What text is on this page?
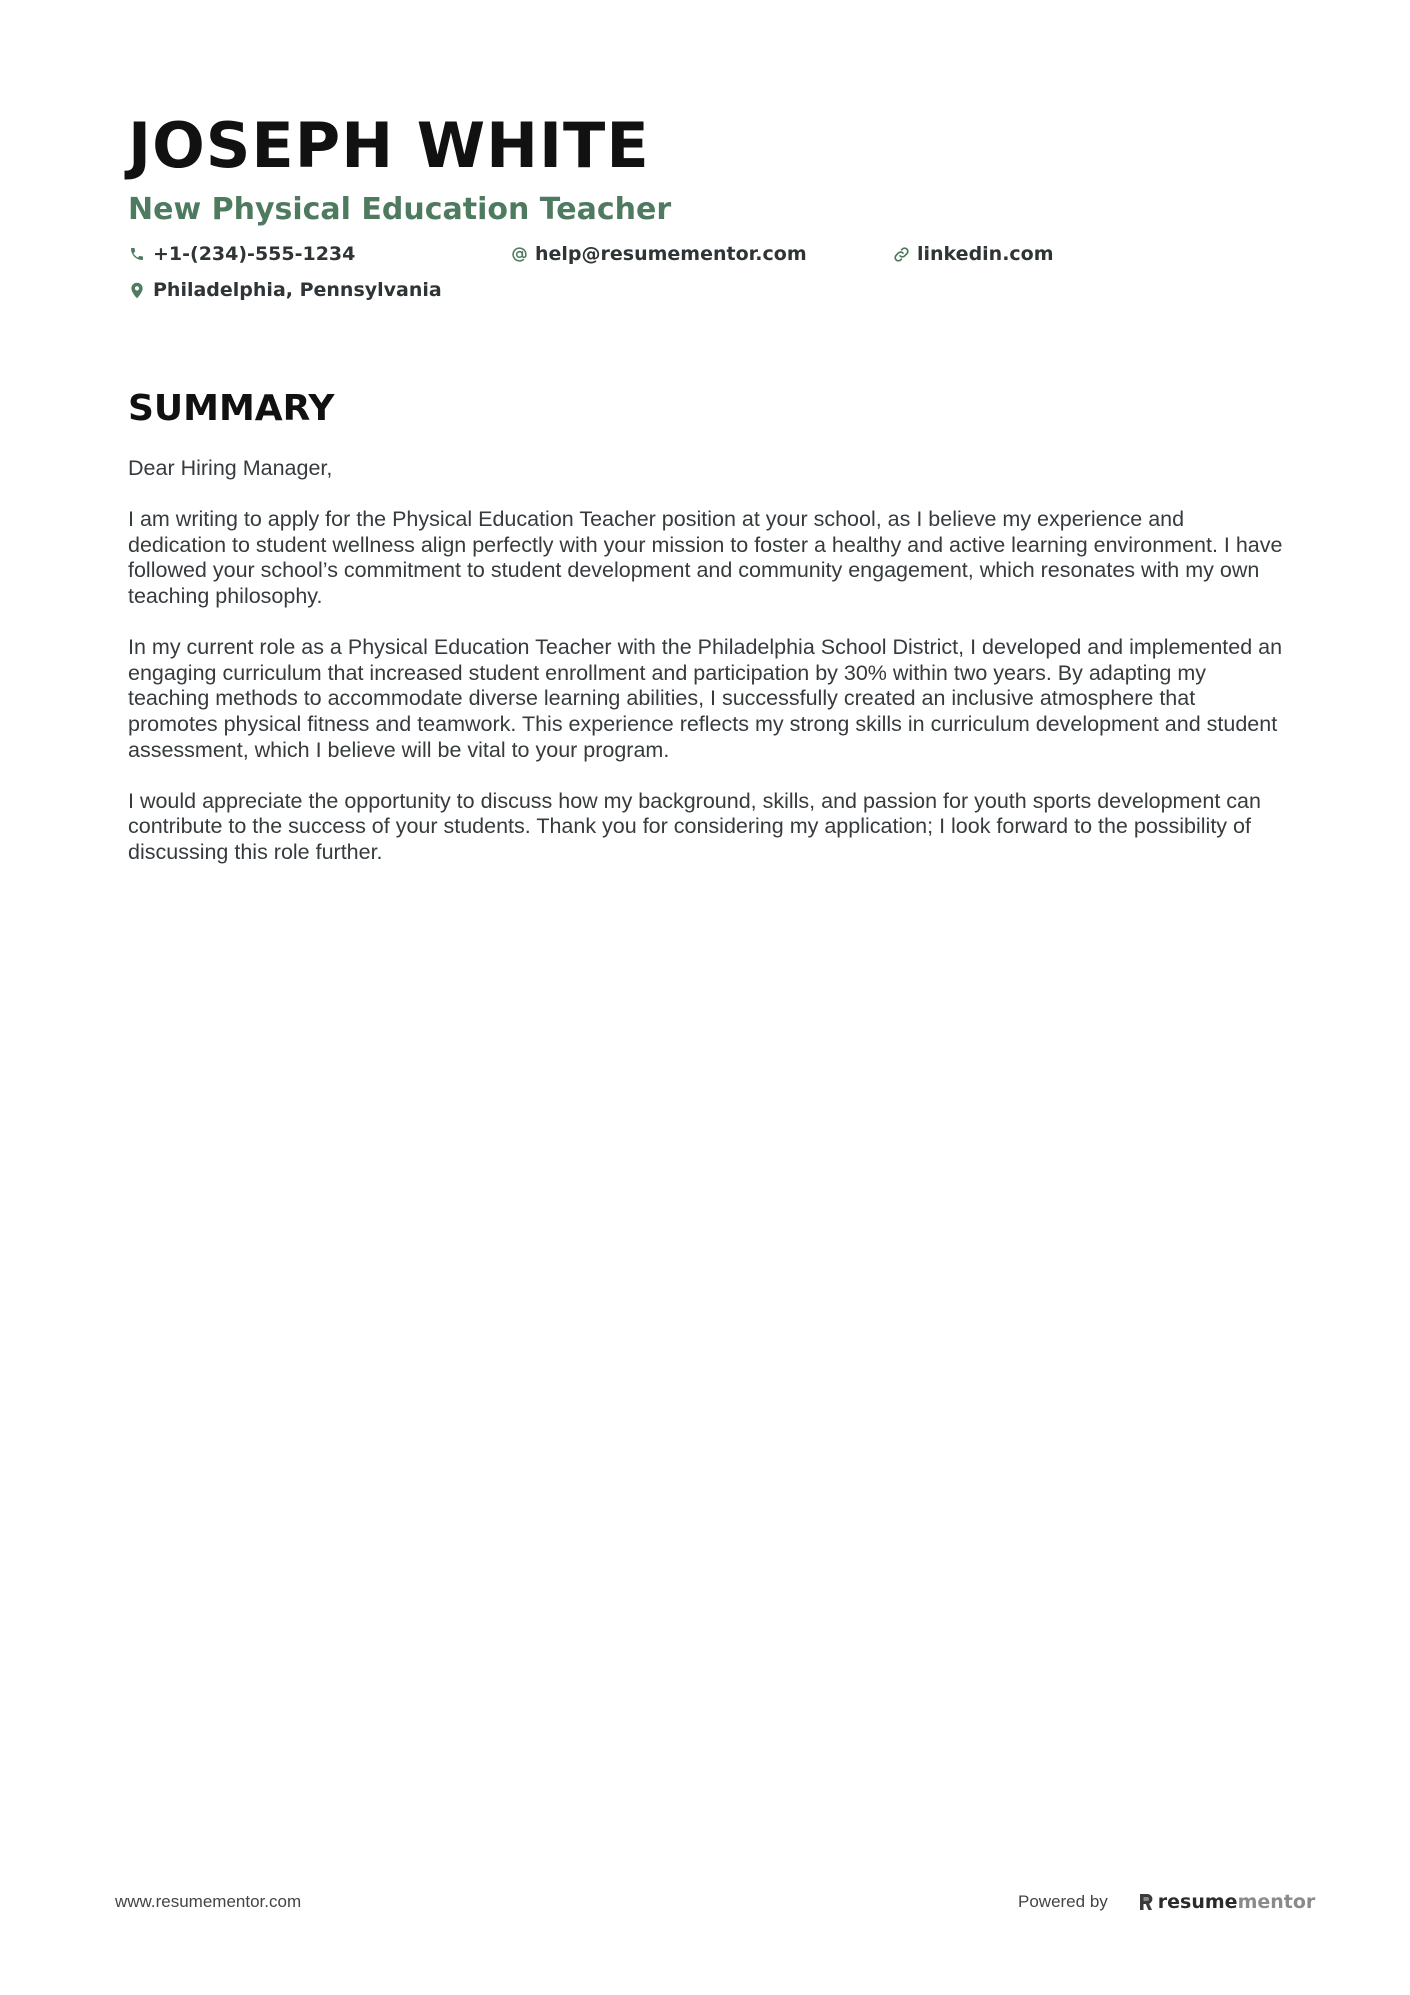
JOSEPH WHITE
New Physical Education Teacher
+1-(234)-555-1234	help@resumementor.com	linkedin.com
Philadelphia, Pennsylvania
SUMMARY

Dear Hiring Manager,

I am writing to apply for the Physical Education Teacher position at your school, as I believe my experience and dedication to student wellness align perfectly with your mission to foster a healthy and active learning environment. I have followed your school’s commitment to student development and community engagement, which resonates with my own teaching philosophy.

In my current role as a Physical Education Teacher with the Philadelphia School District, I developed and implemented an engaging curriculum that increased student enrollment and participation by 30% within two years. By adapting my teaching methods to accommodate diverse learning abilities, I successfully created an inclusive atmosphere that promotes physical fitness and teamwork. This experience reflects my strong skills in curriculum development and student assessment, which I believe will be vital to your program.

I would appreciate the opportunity to discuss how my background, skills, and passion for youth sports development can contribute to the success of your students. Thank you for considering my application; I look forward to the possibility of discussing this role further.

www.resumementor.com	Powered by	resume mentor
